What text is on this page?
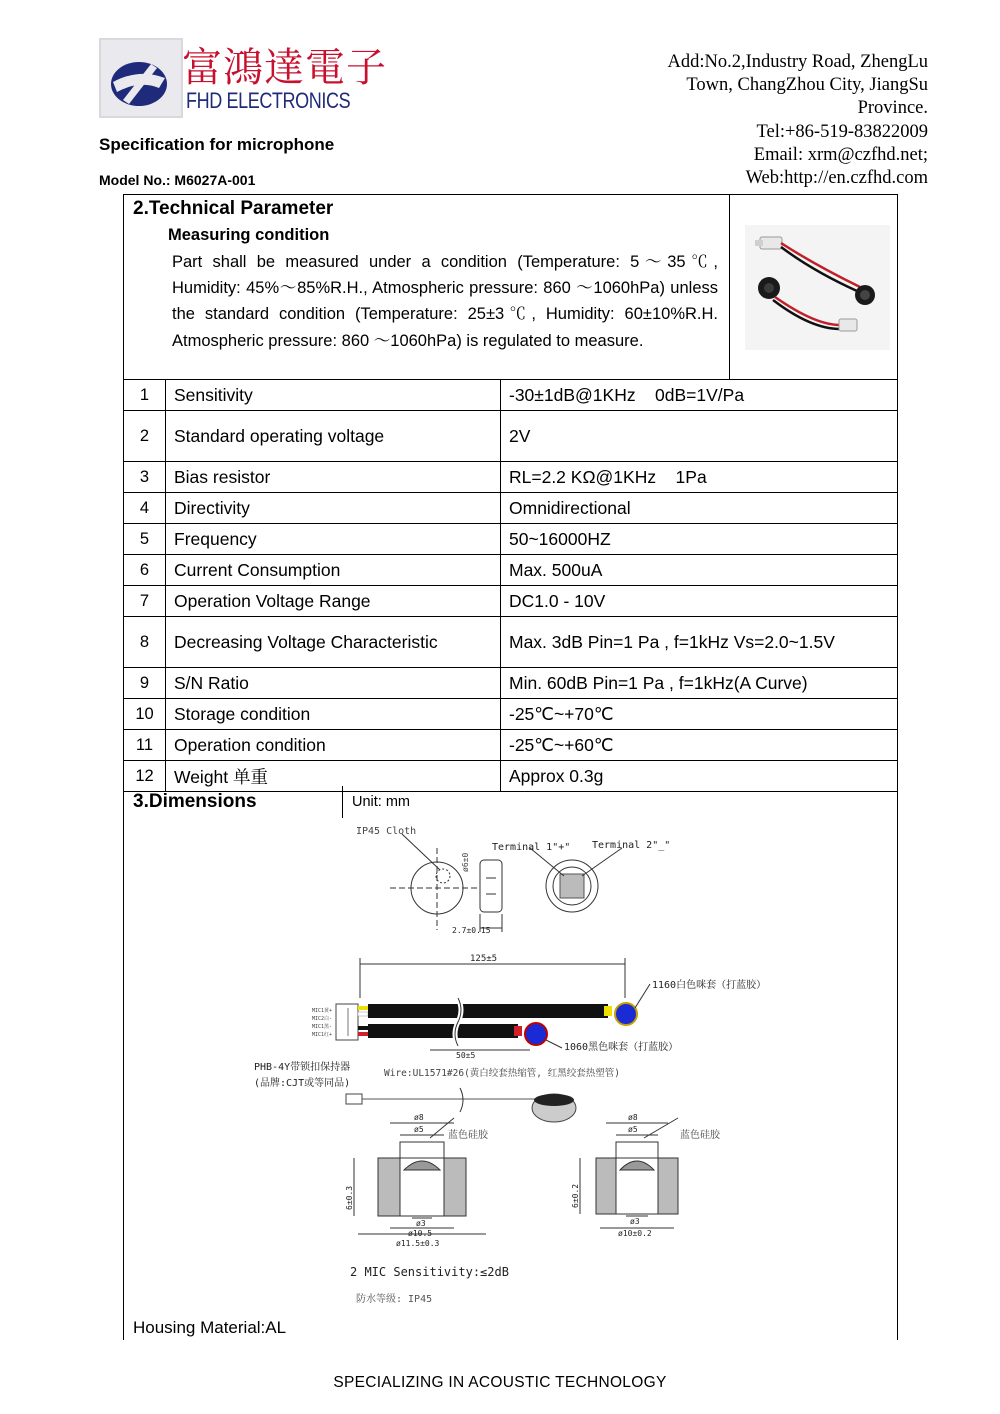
富鴻達電子
FHD ELECTRONICS
Specification for microphone
Model No.: M6027A-001
Add:No.2,Industry Road, ZhengLu
Town, ChangZhou City, JiangSu
Province.
Tel:+86-519-83822009
Email: xrm@czfhd.net;
Web:http://en.czfhd.com
2.Technical Parameter
Measuring condition
Part shall be measured under a condition (Temperature: 5～35℃, Humidity: 45%～85%R.H., Atmospheric pressure: 860 ～1060hPa) unless the standard condition (Temperature: 25±3℃, Humidity: 60±10%R.H. Atmospheric pressure: 860 ～1060hPa) is regulated to measure.
1	Sensitivity	-30±1dB@1KHz    0dB=1V/Pa
2	Standard operating voltage	2V
3	Bias resistor	RL=2.2 KΩ@1KHz    1Pa
4	Directivity	Omnidirectional
5	Frequency	50~16000HZ
6	Current Consumption	Max. 500uA
7	Operation Voltage Range	DC1.0 - 10V
8	Decreasing Voltage Characteristic	Max. 3dB Pin=1 Pa , f=1kHz Vs=2.0~1.5V
9	S/N Ratio	Min. 60dB Pin=1 Pa , f=1kHz(A Curve)
10	Storage condition	-25℃~+70℃
11	Operation condition	-25℃~+60℃
12	Weight 单重	Approx 0.3g
3.Dimensions	Unit: mm
IP45 Cloth
ø6±0
Terminal 1"+" Terminal 2"_"
2.7±0.15
125±5
MIC1黄+
MIC2白-
MIC1黑-
MIC1红+
1160白色咪套（打蓝胶）
1060黑色咪套（打蓝胶）
50±5
PHB-4Y带锁扣保持器
(品牌:CJT或等同品)
Wire:UL1571#26(黄白绞套热缩管, 红黑绞套热塑管)
ø8
ø5
ø3
ø10.5
ø11.5±0.3
6±0.3
蓝色硅胶
ø8
ø5
ø3
ø10±0.2
6±0.2
蓝色硅胶
2 MIC Sensitivity:≤2dB
防水等级: IP45
Housing Material:AL
SPECIALIZING IN ACOUSTIC TECHNOLOGY
